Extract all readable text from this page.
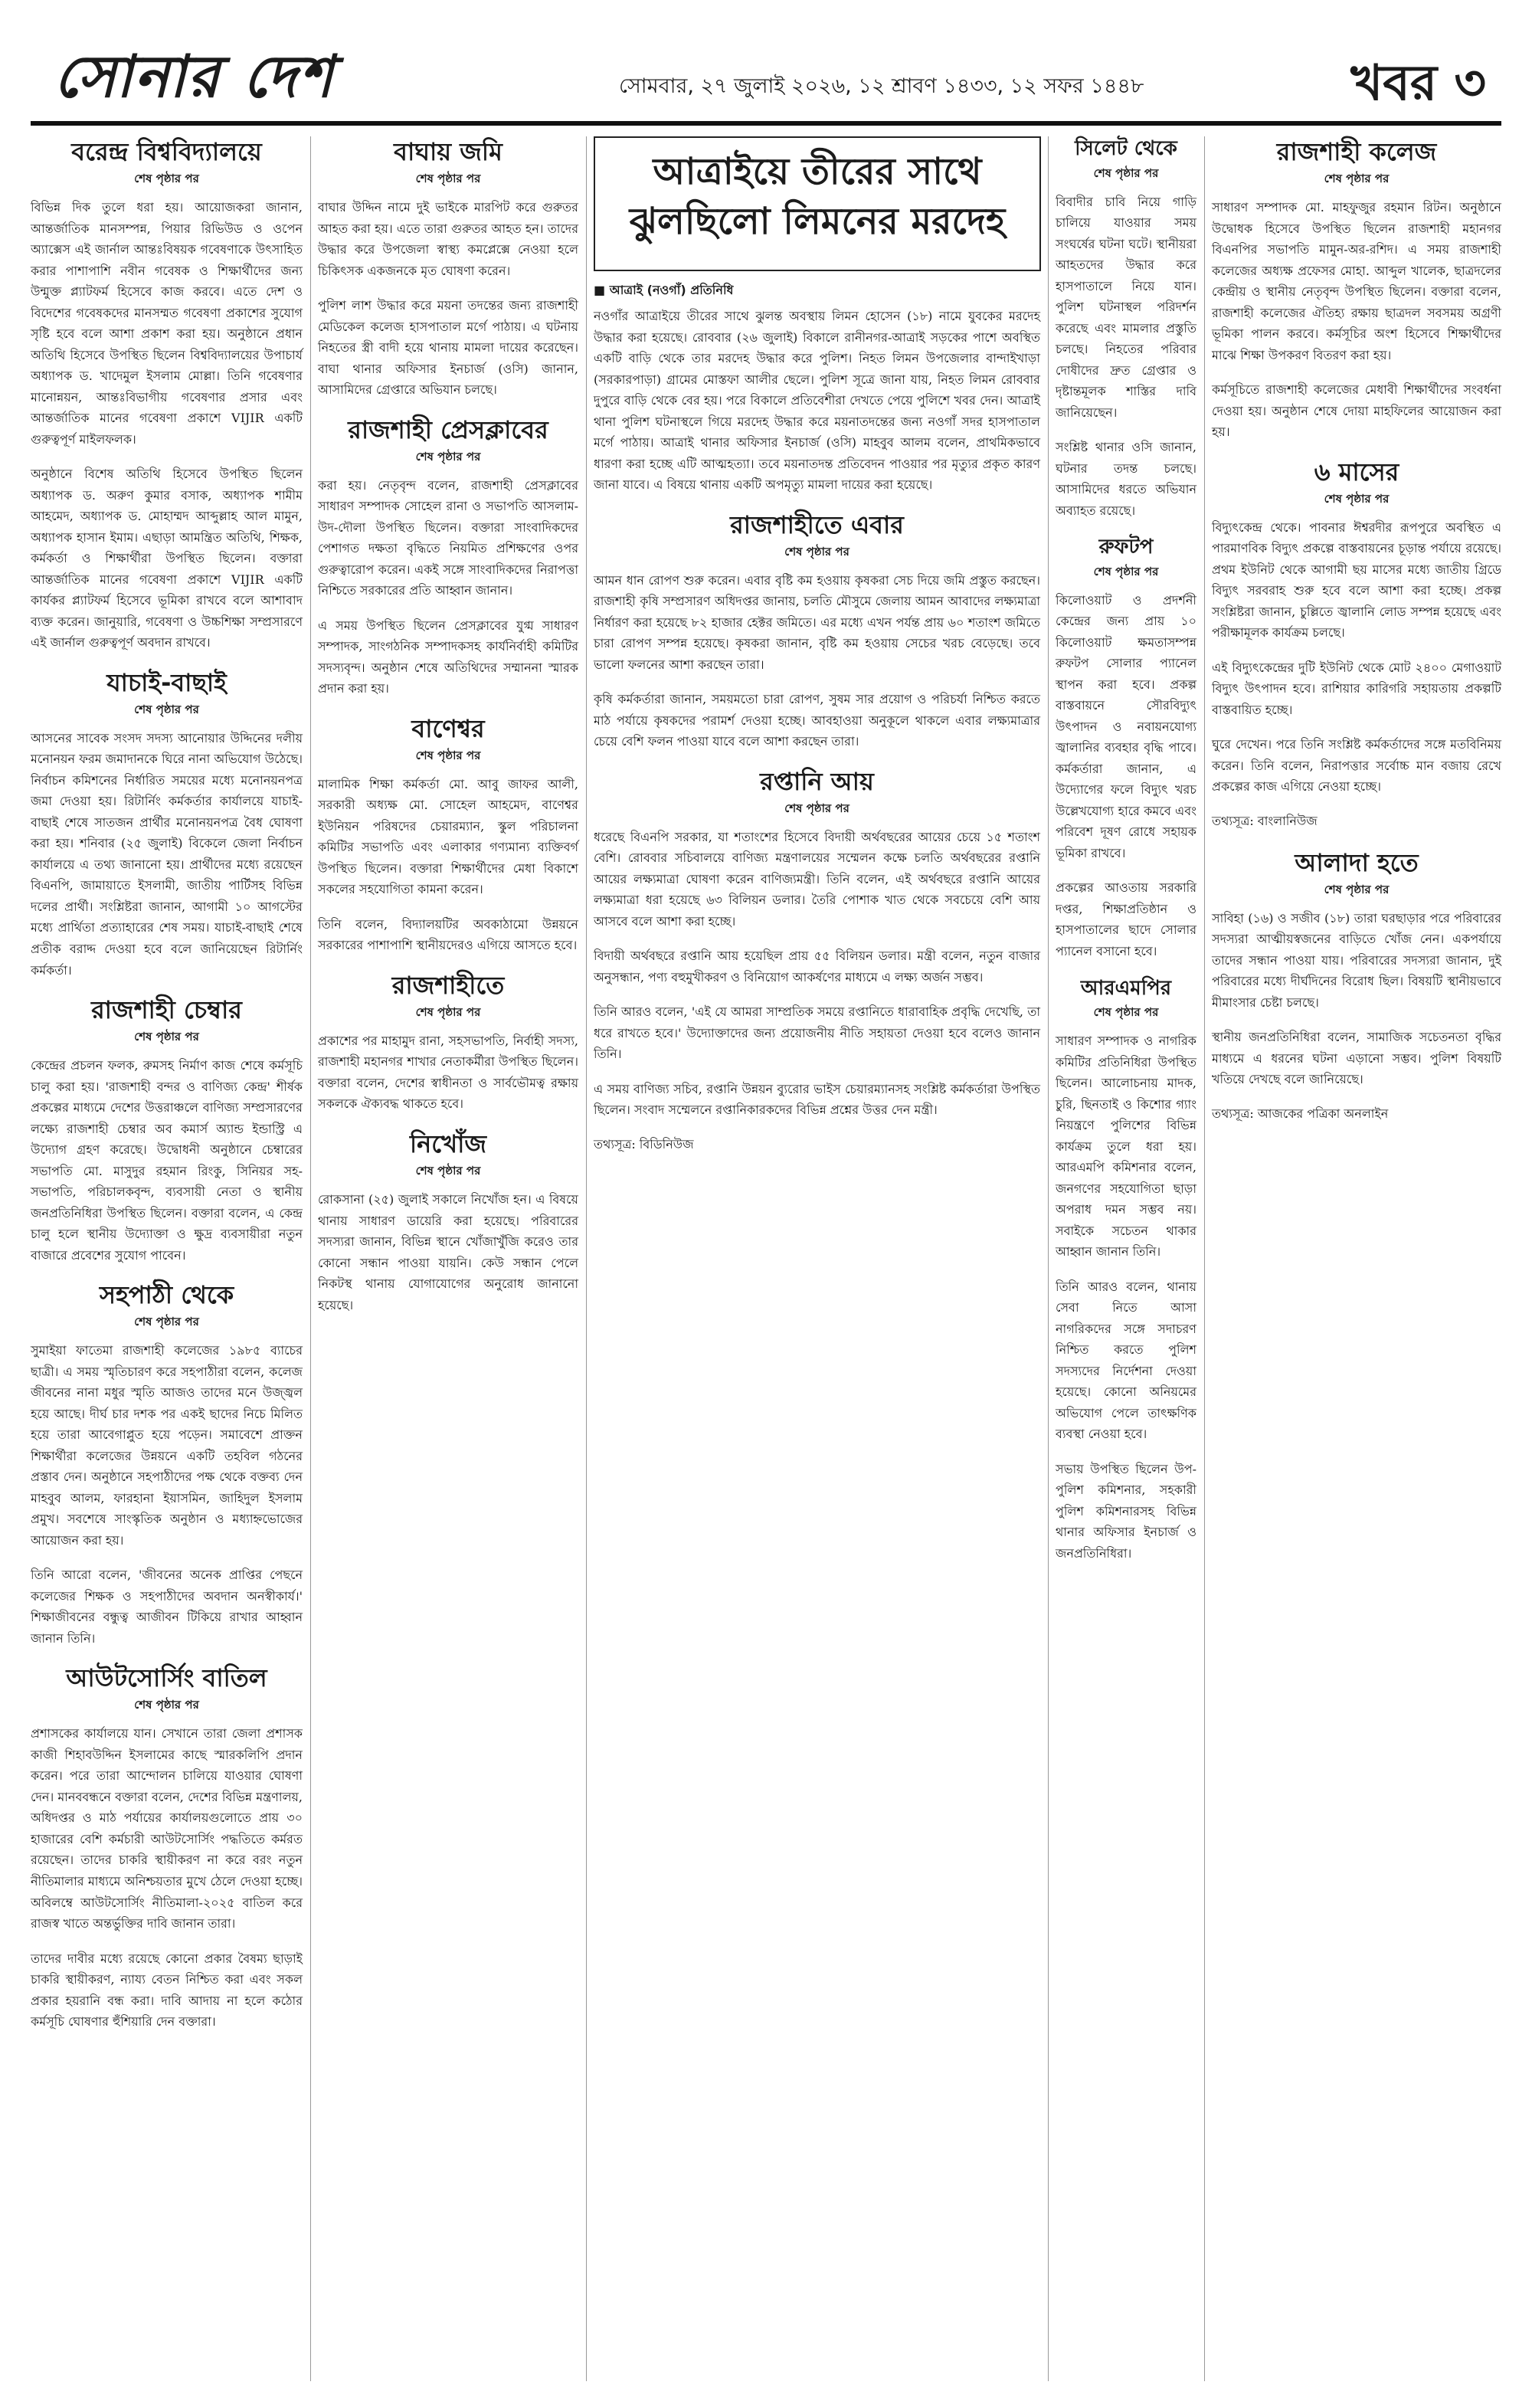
সোনার দেশ	সোমবার, ২৭ জুলাই ২০২৬, ১২ শ্রাবণ ১৪৩৩, ১২ সফর ১৪৪৮	খবর ৩
বরেন্দ্র বিশ্ববিদ্যালয়ে

শেষ পৃষ্ঠার পর

বিভিন্ন দিক তুলে ধরা হয়। আয়োজকরা জানান, আন্তর্জাতিক মানসম্পন্ন, পিয়ার রিভিউড ও ওপেন অ্যাক্সেস এই জার্নাল আন্তঃবিষয়ক গবেষণাকে উৎসাহিত করার পাশাপাশি নবীন গবেষক ও শিক্ষার্থীদের জন্য উন্মুক্ত প্ল্যাটফর্ম হিসেবে কাজ করবে। এতে দেশ ও বিদেশের গবেষকদের মানসম্মত গবেষণা প্রকাশের সুযোগ সৃষ্টি হবে বলে আশা প্রকাশ করা হয়। অনুষ্ঠানে প্রধান অতিথি হিসেবে উপস্থিত ছিলেন বিশ্ববিদ্যালয়ের উপাচার্য অধ্যাপক ড. খাদেমুল ইসলাম মোল্লা। তিনি গবেষণার মানোন্নয়ন, আন্তঃবিভাগীয় গবেষণার প্রসার এবং আন্তর্জাতিক মানের গবেষণা প্রকাশে VIJIR একটি গুরুত্বপূর্ণ মাইলফলক।

অনুষ্ঠানে বিশেষ অতিথি হিসেবে উপস্থিত ছিলেন অধ্যাপক ড. অরুণ কুমার বসাক, অধ্যাপক শামীম আহমেদ, অধ্যাপক ড. মোহাম্মদ আব্দুল্লাহ আল মামুন, অধ্যাপক হাসান ইমাম। এছাড়া আমন্ত্রিত অতিথি, শিক্ষক, কর্মকর্তা ও শিক্ষার্থীরা উপস্থিত ছিলেন। বক্তারা আন্তর্জাতিক মানের গবেষণা প্রকাশে VIJIR একটি কার্যকর প্ল্যাটফর্ম হিসেবে ভূমিকা রাখবে বলে আশাবাদ ব্যক্ত করেন। জানুয়ারি, গবেষণা ও উচ্চশিক্ষা সম্প্রসারণে এই জার্নাল গুরুত্বপূর্ণ অবদান রাখবে।

যাচাই-বাছাই

শেষ পৃষ্ঠার পর

আসনের সাবেক সংসদ সদস্য আনোয়ার উদ্দিনের দলীয় মনোনয়ন ফরম জমাদানকে ঘিরে নানা অভিযোগ উঠেছে। নির্বাচন কমিশনের নির্ধারিত সময়ের মধ্যে মনোনয়নপত্র জমা দেওয়া হয়। রিটার্নিং কর্মকর্তার কার্যালয়ে যাচাই-বাছাই শেষে সাতজন প্রার্থীর মনোনয়নপত্র বৈধ ঘোষণা করা হয়। শনিবার (২৫ জুলাই) বিকেলে জেলা নির্বাচন কার্যালয়ে এ তথ্য জানানো হয়। প্রার্থীদের মধ্যে রয়েছেন বিএনপি, জামায়াতে ইসলামী, জাতীয় পার্টিসহ বিভিন্ন দলের প্রার্থী। সংশ্লিষ্টরা জানান, আগামী ১০ আগস্টের মধ্যে প্রার্থিতা প্রত্যাহারের শেষ সময়। যাচাই-বাছাই শেষে প্রতীক বরাদ্দ দেওয়া হবে বলে জানিয়েছেন রিটার্নিং কর্মকর্তা।

রাজশাহী চেম্বার

শেষ পৃষ্ঠার পর

কেন্দ্রের প্রচলন ফলক, রুমসহ নির্মাণ কাজ শেষে কর্মসূচি চালু করা হয়। 'রাজশাহী বন্দর ও বাণিজ্য কেন্দ্র' শীর্ষক প্রকল্পের মাধ্যমে দেশের উত্তরাঞ্চলে বাণিজ্য সম্প্রসারণের লক্ষ্যে রাজশাহী চেম্বার অব কমার্স অ্যান্ড ইন্ডাস্ট্রি এ উদ্যোগ গ্রহণ করেছে। উদ্বোধনী অনুষ্ঠানে চেম্বারের সভাপতি মো. মাসুদুর রহমান রিংকু, সিনিয়র সহ-সভাপতি, পরিচালকবৃন্দ, ব্যবসায়ী নেতা ও স্থানীয় জনপ্রতিনিধিরা উপস্থিত ছিলেন। বক্তারা বলেন, এ কেন্দ্র চালু হলে স্থানীয় উদ্যোক্তা ও ক্ষুদ্র ব্যবসায়ীরা নতুন বাজারে প্রবেশের সুযোগ পাবেন।

সহপাঠী থেকে

শেষ পৃষ্ঠার পর

সুমাইয়া ফাতেমা রাজশাহী কলেজের ১৯৮৫ ব্যাচের ছাত্রী। এ সময় স্মৃতিচারণ করে সহপাঠীরা বলেন, কলেজ জীবনের নানা মধুর স্মৃতি আজও তাদের মনে উজ্জ্বল হয়ে আছে। দীর্ঘ চার দশক পর একই ছাদের নিচে মিলিত হয়ে তারা আবেগাপ্লুত হয়ে পড়েন। সমাবেশে প্রাক্তন শিক্ষার্থীরা কলেজের উন্নয়নে একটি তহবিল গঠনের প্রস্তাব দেন। অনুষ্ঠানে সহপাঠীদের পক্ষ থেকে বক্তব্য দেন মাহবুব আলম, ফারহানা ইয়াসমিন, জাহিদুল ইসলাম প্রমুখ। সবশেষে সাংস্কৃতিক অনুষ্ঠান ও মধ্যাহ্নভোজের আয়োজন করা হয়।

তিনি আরো বলেন, 'জীবনের অনেক প্রাপ্তির পেছনে কলেজের শিক্ষক ও সহপাঠীদের অবদান অনস্বীকার্য।' শিক্ষাজীবনের বন্ধুত্ব আজীবন টিকিয়ে রাখার আহ্বান জানান তিনি।

আউটসোর্সিং বাতিল

শেষ পৃষ্ঠার পর

প্রশাসকের কার্যালয়ে যান। সেখানে তারা জেলা প্রশাসক কাজী শিহাবউদ্দিন ইসলামের কাছে স্মারকলিপি প্রদান করেন। পরে তারা আন্দোলন চালিয়ে যাওয়ার ঘোষণা দেন। মানববন্ধনে বক্তারা বলেন, দেশের বিভিন্ন মন্ত্রণালয়, অধিদপ্তর ও মাঠ পর্যায়ের কার্যালয়গুলোতে প্রায় ৩০ হাজারের বেশি কর্মচারী আউটসোর্সিং পদ্ধতিতে কর্মরত রয়েছেন। তাদের চাকরি স্থায়ীকরণ না করে বরং নতুন নীতিমালার মাধ্যমে অনিশ্চয়তার মুখে ঠেলে দেওয়া হচ্ছে। অবিলম্বে আউটসোর্সিং নীতিমালা-২০২৫ বাতিল করে রাজস্ব খাতে অন্তর্ভুক্তির দাবি জানান তারা।

তাদের দাবীর মধ্যে রয়েছে কোনো প্রকার বৈষম্য ছাড়াই চাকরি স্থায়ীকরণ, ন্যায্য বেতন নিশ্চিত করা এবং সকল প্রকার হয়রানি বন্ধ করা। দাবি আদায় না হলে কঠোর কর্মসূচি ঘোষণার হুঁশিয়ারি দেন বক্তারা।

বাঘায় জমি

শেষ পৃষ্ঠার পর

বাঘার উদ্দিন নামে দুই ভাইকে মারপিট করে গুরুতর আহত করা হয়। এতে তারা গুরুতর আহত হন। তাদের উদ্ধার করে উপজেলা স্বাস্থ্য কমপ্লেক্সে নেওয়া হলে চিকিৎসক একজনকে মৃত ঘোষণা করেন।

পুলিশ লাশ উদ্ধার করে ময়না তদন্তের জন্য রাজশাহী মেডিকেল কলেজ হাসপাতাল মর্গে পাঠায়। এ ঘটনায় নিহতের স্ত্রী বাদী হয়ে থানায় মামলা দায়ের করেছেন। বাঘা থানার অফিসার ইনচার্জ (ওসি) জানান, আসামিদের গ্রেপ্তারে অভিযান চলছে।

রাজশাহী প্রেসক্লাবের

শেষ পৃষ্ঠার পর

করা হয়। নেতৃবৃন্দ বলেন, রাজশাহী প্রেসক্লাবের সাধারণ সম্পাদক সোহেল রানা ও সভাপতি আসলাম-উদ-দৌলা উপস্থিত ছিলেন। বক্তারা সাংবাদিকদের পেশাগত দক্ষতা বৃদ্ধিতে নিয়মিত প্রশিক্ষণের ওপর গুরুত্বারোপ করেন। একই সঙ্গে সাংবাদিকদের নিরাপত্তা নিশ্চিতে সরকারের প্রতি আহ্বান জানান।

এ সময় উপস্থিত ছিলেন প্রেসক্লাবের যুগ্ম সাধারণ সম্পাদক, সাংগঠনিক সম্পাদকসহ কার্যনির্বাহী কমিটির সদস্যবৃন্দ। অনুষ্ঠান শেষে অতিথিদের সম্মাননা স্মারক প্রদান করা হয়।

বাণেশ্বর

শেষ পৃষ্ঠার পর

মালামিক শিক্ষা কর্মকর্তা মো. আবু জাফর আলী, সরকারী অধ্যক্ষ মো. সোহেল আহমেদ, বাণেশ্বর ইউনিয়ন পরিষদের চেয়ারম্যান, স্কুল পরিচালনা কমিটির সভাপতি এবং এলাকার গণ্যমান্য ব্যক্তিবর্গ উপস্থিত ছিলেন। বক্তারা শিক্ষার্থীদের মেধা বিকাশে সকলের সহযোগিতা কামনা করেন।

তিনি বলেন, বিদ্যালয়টির অবকাঠামো উন্নয়নে সরকারের পাশাপাশি স্থানীয়দেরও এগিয়ে আসতে হবে।

রাজশাহীতে

শেষ পৃষ্ঠার পর

প্রকাশের পর মাহামুদ রানা, সহসভাপতি, নির্বাহী সদস্য, রাজশাহী মহানগর শাখার নেতাকর্মীরা উপস্থিত ছিলেন। বক্তারা বলেন, দেশের স্বাধীনতা ও সার্বভৌমত্ব রক্ষায় সকলকে ঐক্যবদ্ধ থাকতে হবে।

নিখোঁজ

শেষ পৃষ্ঠার পর

রোকসানা (২৫) জুলাই সকালে নিখোঁজ হন। এ বিষয়ে থানায় সাধারণ ডায়েরি করা হয়েছে। পরিবারের সদস্যরা জানান, বিভিন্ন স্থানে খোঁজাখুঁজি করেও তার কোনো সন্ধান পাওয়া যায়নি। কেউ সন্ধান পেলে নিকটস্থ থানায় যোগাযোগের অনুরোধ জানানো হয়েছে।

আত্রাইয়ে তীরের সাথে ঝুলছিলো লিমনের মরদেহ
■ আত্রাই (নওগাঁ) প্রতিনিধি

নওগাঁর আত্রাইয়ে তীরের সাথে ঝুলন্ত অবস্থায় লিমন হোসেন (১৮) নামে যুবকের মরদেহ উদ্ধার করা হয়েছে। রোববার (২৬ জুলাই) বিকালে রানীনগর-আত্রাই সড়কের পাশে অবস্থিত একটি বাড়ি থেকে তার মরদেহ উদ্ধার করে পুলিশ। নিহত লিমন উপজেলার বান্দাইখাড়া (সরকারপাড়া) গ্রামের মোস্তফা আলীর ছেলে। পুলিশ সূত্রে জানা যায়, নিহত লিমন রোববার দুপুরে বাড়ি থেকে বের হয়। পরে বিকালে প্রতিবেশীরা দেখতে পেয়ে পুলিশে খবর দেন। আত্রাই থানা পুলিশ ঘটনাস্থলে গিয়ে মরদেহ উদ্ধার করে ময়নাতদন্তের জন্য নওগাঁ সদর হাসপাতাল মর্গে পাঠায়। আত্রাই থানার অফিসার ইনচার্জ (ওসি) মাহবুব আলম বলেন, প্রাথমিকভাবে ধারণা করা হচ্ছে এটি আত্মহত্যা। তবে ময়নাতদন্ত প্রতিবেদন পাওয়ার পর মৃত্যুর প্রকৃত কারণ জানা যাবে। এ বিষয়ে থানায় একটি অপমৃত্যু মামলা দায়ের করা হয়েছে।

রাজশাহীতে এবার

শেষ পৃষ্ঠার পর

আমন ধান রোপণ শুরু করেন। এবার বৃষ্টি কম হওয়ায় কৃষকরা সেচ দিয়ে জমি প্রস্তুত করছেন। রাজশাহী কৃষি সম্প্রসারণ অধিদপ্তর জানায়, চলতি মৌসুমে জেলায় আমন আবাদের লক্ষ্যমাত্রা নির্ধারণ করা হয়েছে ৮২ হাজার হেক্টর জমিতে। এর মধ্যে এখন পর্যন্ত প্রায় ৬০ শতাংশ জমিতে চারা রোপণ সম্পন্ন হয়েছে। কৃষকরা জানান, বৃষ্টি কম হওয়ায় সেচের খরচ বেড়েছে। তবে ভালো ফলনের আশা করছেন তারা।

কৃষি কর্মকর্তারা জানান, সময়মতো চারা রোপণ, সুষম সার প্রয়োগ ও পরিচর্যা নিশ্চিত করতে মাঠ পর্যায়ে কৃষকদের পরামর্শ দেওয়া হচ্ছে। আবহাওয়া অনুকূলে থাকলে এবার লক্ষ্যমাত্রার চেয়ে বেশি ফলন পাওয়া যাবে বলে আশা করছেন তারা।

রপ্তানি আয়

শেষ পৃষ্ঠার পর

ধরেছে বিএনপি সরকার, যা শতাংশের হিসেবে বিদায়ী অর্থবছরের আয়ের চেয়ে ১৫ শতাংশ বেশি। রোববার সচিবালয়ে বাণিজ্য মন্ত্রণালয়ের সম্মেলন কক্ষে চলতি অর্থবছরের রপ্তানি আয়ের লক্ষ্যমাত্রা ঘোষণা করেন বাণিজ্যমন্ত্রী। তিনি বলেন, এই অর্থবছরে রপ্তানি আয়ের লক্ষ্যমাত্রা ধরা হয়েছে ৬৩ বিলিয়ন ডলার। তৈরি পোশাক খাত থেকে সবচেয়ে বেশি আয় আসবে বলে আশা করা হচ্ছে।

বিদায়ী অর্থবছরে রপ্তানি আয় হয়েছিল প্রায় ৫৫ বিলিয়ন ডলার। মন্ত্রী বলেন, নতুন বাজার অনুসন্ধান, পণ্য বহুমুখীকরণ ও বিনিয়োগ আকর্ষণের মাধ্যমে এ লক্ষ্য অর্জন সম্ভব।

তিনি আরও বলেন, 'এই যে আমরা সাম্প্রতিক সময়ে রপ্তানিতে ধারাবাহিক প্রবৃদ্ধি দেখেছি, তা ধরে রাখতে হবে।' উদ্যোক্তাদের জন্য প্রয়োজনীয় নীতি সহায়তা দেওয়া হবে বলেও জানান তিনি।

এ সময় বাণিজ্য সচিব, রপ্তানি উন্নয়ন ব্যুরোর ভাইস চেয়ারম্যানসহ সংশ্লিষ্ট কর্মকর্তারা উপস্থিত ছিলেন। সংবাদ সম্মেলনে রপ্তানিকারকদের বিভিন্ন প্রশ্নের উত্তর দেন মন্ত্রী।

তথ্যসূত্র: বিডিনিউজ
সিলেট থেকে

শেষ পৃষ্ঠার পর

বিবাদীর চাবি নিয়ে গাড়ি চালিয়ে যাওয়ার সময় সংঘর্ষের ঘটনা ঘটে। স্থানীয়রা আহতদের উদ্ধার করে হাসপাতালে নিয়ে যান। পুলিশ ঘটনাস্থল পরিদর্শন করেছে এবং মামলার প্রস্তুতি চলছে। নিহতের পরিবার দোষীদের দ্রুত গ্রেপ্তার ও দৃষ্টান্তমূলক শাস্তির দাবি জানিয়েছেন।

সংশ্লিষ্ট থানার ওসি জানান, ঘটনার তদন্ত চলছে। আসামিদের ধরতে অভিযান অব্যাহত রয়েছে।

রুফটপ

শেষ পৃষ্ঠার পর

কিলোওয়াট ও প্রদর্শনী কেন্দ্রের জন্য প্রায় ১০ কিলোওয়াট ক্ষমতাসম্পন্ন রুফটপ সোলার প্যানেল স্থাপন করা হবে। প্রকল্প বাস্তবায়নে সৌরবিদ্যুৎ উৎপাদন ও নবায়নযোগ্য জ্বালানির ব্যবহার বৃদ্ধি পাবে। কর্মকর্তারা জানান, এ উদ্যোগের ফলে বিদ্যুৎ খরচ উল্লেখযোগ্য হারে কমবে এবং পরিবেশ দূষণ রোধে সহায়ক ভূমিকা রাখবে।

প্রকল্পের আওতায় সরকারি দপ্তর, শিক্ষাপ্রতিষ্ঠান ও হাসপাতালের ছাদে সোলার প্যানেল বসানো হবে।

আরএমপির

শেষ পৃষ্ঠার পর

সাধারণ সম্পাদক ও নাগরিক কমিটির প্রতিনিধিরা উপস্থিত ছিলেন। আলোচনায় মাদক, চুরি, ছিনতাই ও কিশোর গ্যাং নিয়ন্ত্রণে পুলিশের বিভিন্ন কার্যক্রম তুলে ধরা হয়। আরএমপি কমিশনার বলেন, জনগণের সহযোগিতা ছাড়া অপরাধ দমন সম্ভব নয়। সবাইকে সচেতন থাকার আহ্বান জানান তিনি।

তিনি আরও বলেন, থানায় সেবা নিতে আসা নাগরিকদের সঙ্গে সদাচরণ নিশ্চিত করতে পুলিশ সদস্যদের নির্দেশনা দেওয়া হয়েছে। কোনো অনিয়মের অভিযোগ পেলে তাৎক্ষণিক ব্যবস্থা নেওয়া হবে।

সভায় উপস্থিত ছিলেন উপ-পুলিশ কমিশনার, সহকারী পুলিশ কমিশনারসহ বিভিন্ন থানার অফিসার ইনচার্জ ও জনপ্রতিনিধিরা।

রাজশাহী কলেজ

শেষ পৃষ্ঠার পর

সাধারণ সম্পাদক মো. মাহফুজুর রহমান রিটন। অনুষ্ঠানে উদ্বোধক হিসেবে উপস্থিত ছিলেন রাজশাহী মহানগর বিএনপির সভাপতি মামুন-অর-রশিদ। এ সময় রাজশাহী কলেজের অধ্যক্ষ প্রফেসর মোহা. আব্দুল খালেক, ছাত্রদলের কেন্দ্রীয় ও স্থানীয় নেতৃবৃন্দ উপস্থিত ছিলেন। বক্তারা বলেন, রাজশাহী কলেজের ঐতিহ্য রক্ষায় ছাত্রদল সবসময় অগ্রণী ভূমিকা পালন করবে। কর্মসূচির অংশ হিসেবে শিক্ষার্থীদের মাঝে শিক্ষা উপকরণ বিতরণ করা হয়।

কর্মসূচিতে রাজশাহী কলেজের মেধাবী শিক্ষার্থীদের সংবর্ধনা দেওয়া হয়। অনুষ্ঠান শেষে দোয়া মাহফিলের আয়োজন করা হয়।

৬ মাসের

শেষ পৃষ্ঠার পর

বিদ্যুৎকেন্দ্র থেকে। পাবনার ঈশ্বরদীর রূপপুরে অবস্থিত এ পারমাণবিক বিদ্যুৎ প্রকল্পে বাস্তবায়নের চূড়ান্ত পর্যায়ে রয়েছে। প্রথম ইউনিট থেকে আগামী ছয় মাসের মধ্যে জাতীয় গ্রিডে বিদ্যুৎ সরবরাহ শুরু হবে বলে আশা করা হচ্ছে। প্রকল্প সংশ্লিষ্টরা জানান, চুল্লিতে জ্বালানি লোড সম্পন্ন হয়েছে এবং পরীক্ষামূলক কার্যক্রম চলছে।

এই বিদ্যুৎকেন্দ্রের দুটি ইউনিট থেকে মোট ২৪০০ মেগাওয়াট বিদ্যুৎ উৎপাদন হবে। রাশিয়ার কারিগরি সহায়তায় প্রকল্পটি বাস্তবায়িত হচ্ছে।

ঘুরে দেখেন। পরে তিনি সংশ্লিষ্ট কর্মকর্তাদের সঙ্গে মতবিনিময় করেন। তিনি বলেন, নিরাপত্তার সর্বোচ্চ মান বজায় রেখে প্রকল্পের কাজ এগিয়ে নেওয়া হচ্ছে।

তথ্যসূত্র: বাংলানিউজ
আলাদা হতে

শেষ পৃষ্ঠার পর

সাবিহা (১৬) ও সজীব (১৮) তারা ঘরছাড়ার পরে পরিবারের সদস্যরা আত্মীয়স্বজনের বাড়িতে খোঁজ নেন। একপর্যায়ে তাদের সন্ধান পাওয়া যায়। পরিবারের সদস্যরা জানান, দুই পরিবারের মধ্যে দীর্ঘদিনের বিরোধ ছিল। বিষয়টি স্থানীয়ভাবে মীমাংসার চেষ্টা চলছে।

স্থানীয় জনপ্রতিনিধিরা বলেন, সামাজিক সচেতনতা বৃদ্ধির মাধ্যমে এ ধরনের ঘটনা এড়ানো সম্ভব। পুলিশ বিষয়টি খতিয়ে দেখছে বলে জানিয়েছে।

তথ্যসূত্র: আজকের পত্রিকা অনলাইন
